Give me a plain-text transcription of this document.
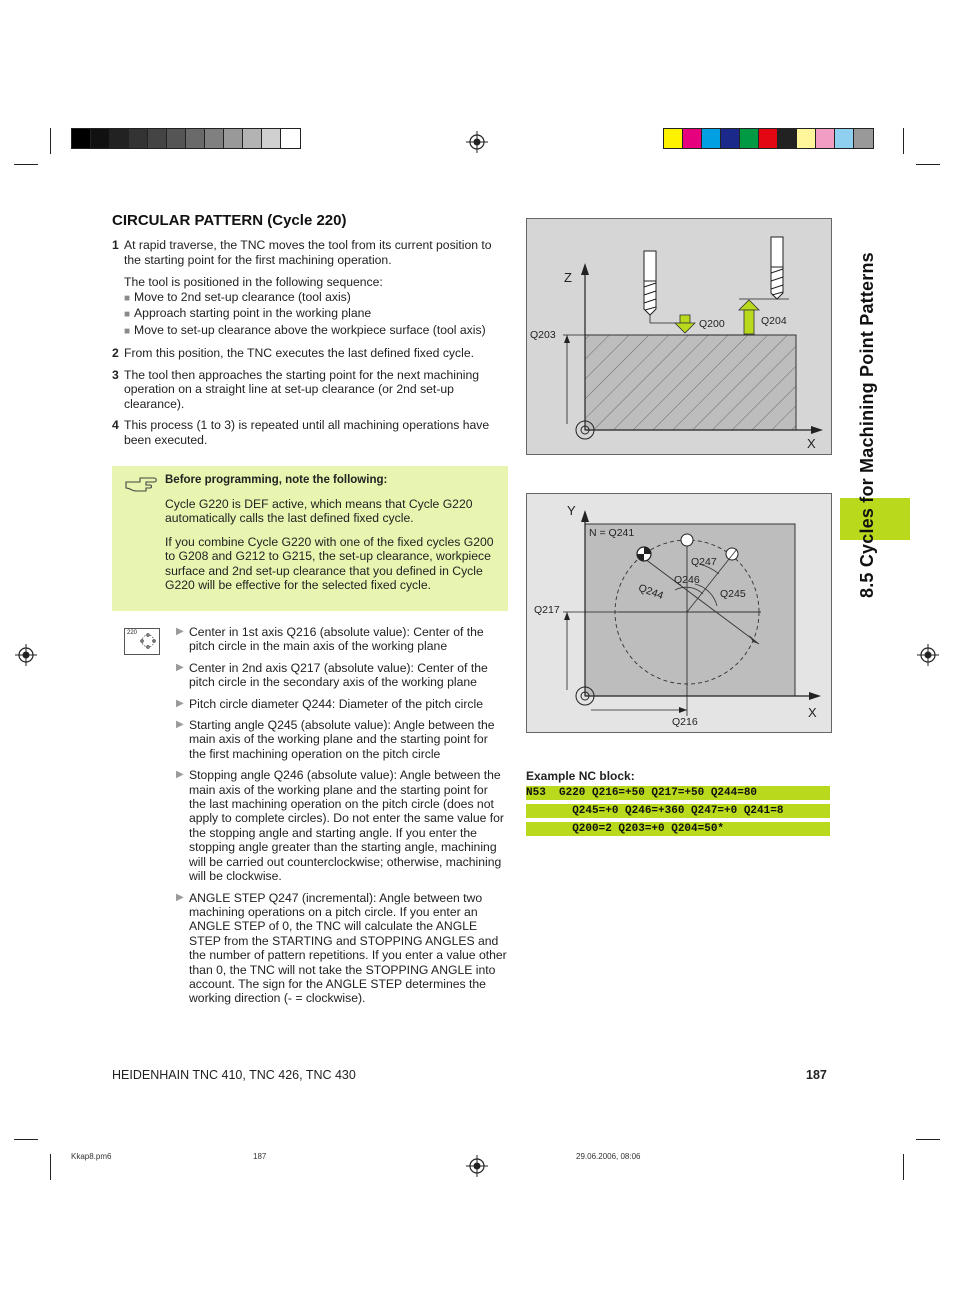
8.5 Cycles for Machining Point Patterns
CIRCULAR PATTERN (Cycle 220)
1 At rapid traverse, the TNC moves the tool from its current position to the starting point for the first machining operation.
The tool is positioned in the following sequence:
■ Move to 2nd set-up clearance (tool axis)
■ Approach starting point in the working plane
■ Move to set-up clearance above the workpiece surface (tool axis)
2 From this position, the TNC executes the last defined fixed cycle.
3 The tool then approaches the starting point for the next machining operation on a straight line at set-up clearance (or 2nd set-up clearance).
4 This process (1 to 3) is repeated until all machining operations have been executed.

Before programming, note the following:

Cycle G220 is DEF active, which means that Cycle G220 automatically calls the last defined fixed cycle.

If you combine Cycle G220 with one of the fixed cycles G200 to G208 and G212 to G215, the set-up clearance, workpiece surface and 2nd set-up clearance that you defined in Cycle G220 will be effective for the selected fixed cycle.

220	▶ Center in 1st axis Q216 (absolute value): Center of the pitch circle in the main axis of the working plane
▶ Center in 2nd axis Q217 (absolute value): Center of the pitch circle in the secondary axis of the working plane
▶ Pitch circle diameter Q244: Diameter of the pitch circle
▶ Starting angle Q245 (absolute value): Angle between the main axis of the working plane and the starting point for the first machining operation on the pitch circle
▶ Stopping angle Q246 (absolute value): Angle between the main axis of the working plane and the starting point for the last machining operation on the pitch circle (does not apply to complete circles). Do not enter the same value for the stopping angle and starting angle. If you enter the stopping angle greater than the starting angle, machining will be carried out counterclockwise; otherwise, machining will be clockwise.
▶ ANGLE STEP Q247 (incremental): Angle between two machining operations on a pitch circle. If you enter an ANGLE STEP of 0, the TNC will calculate the ANGLE STEP from the STARTING and STOPPING ANGLES and the number of pattern repetitions. If you enter a value other than 0, the TNC will not take the STOPPING ANGLE into account. The sign for the ANGLE STEP determines the working direction (- = clockwise).
Z
X
Q203
Q200	Q204
Y
X
N = Q241
Q247
Q246
Q244	Q245
Q217
Q216
Example NC block:
N53  G220 Q216=+50 Q217=+50 Q244=80
Q245=+0 Q246=+360 Q247=+0 Q241=8
Q200=2 Q203=+0 Q204=50*
HEIDENHAIN TNC 410, TNC 426, TNC 430	187
Kkap8.pm6	187	29.06.2006, 08:06
